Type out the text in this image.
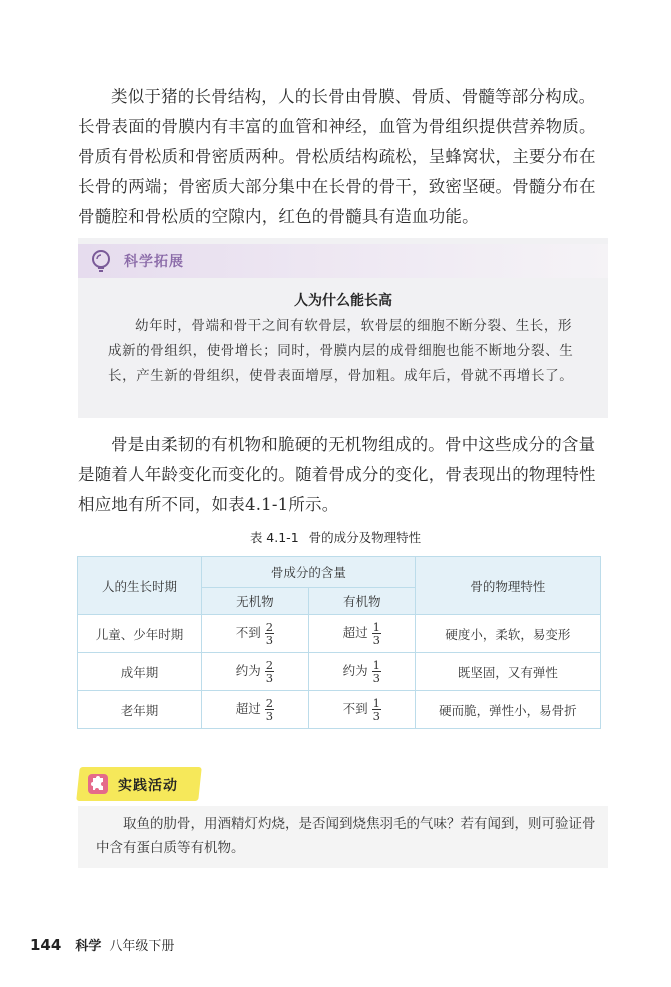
类似于猪的长骨结构，人的长骨由骨膜、骨质、骨髓等部分构成。长骨表面的骨膜内有丰富的血管和神经，血管为骨组织提供营养物质。骨质有骨松质和骨密质两种。骨松质结构疏松，呈蜂窝状，主要分布在长骨的两端；骨密质大部分集中在长骨的骨干，致密坚硬。骨髓分布在骨髓腔和骨松质的空隙内，红色的骨髓具有造血功能。

科学拓展
人为什么能长高

幼年时，骨端和骨干之间有软骨层，软骨层的细胞不断分裂、生长，形成新的骨组织，使骨增长；同时，骨膜内层的成骨细胞也能不断地分裂、生长，产生新的骨组织，使骨表面增厚，骨加粗。成年后，骨就不再增长了。

骨是由柔韧的有机物和脆硬的无机物组成的。骨中这些成分的含量是随着人年龄变化而变化的。随着骨成分的变化，骨表现出的物理特性相应地有所不同，如表4.1-1所示。

表 4.1-1 骨的成分及物理特性
人的生长时期	骨成分的含量		骨的物理特性
	无机物	有机物	
儿童、少年时期	不到 $\frac{2}{3}$	超过 $\frac{1}{3}$	硬度小，柔软，易变形
成年期	约为 $\frac{2}{3}$	约为 $\frac{1}{3}$	既坚固，又有弹性
老年期	超过 $\frac{2}{3}$	不到 $\frac{1}{3}$	硬而脆，弹性小，易骨折
实践活动

取鱼的肋骨，用酒精灯灼烧，是否闻到烧焦羽毛的气味？若有闻到，则可验证骨中含有蛋白质等有机物。

144 科学 八年级下册
